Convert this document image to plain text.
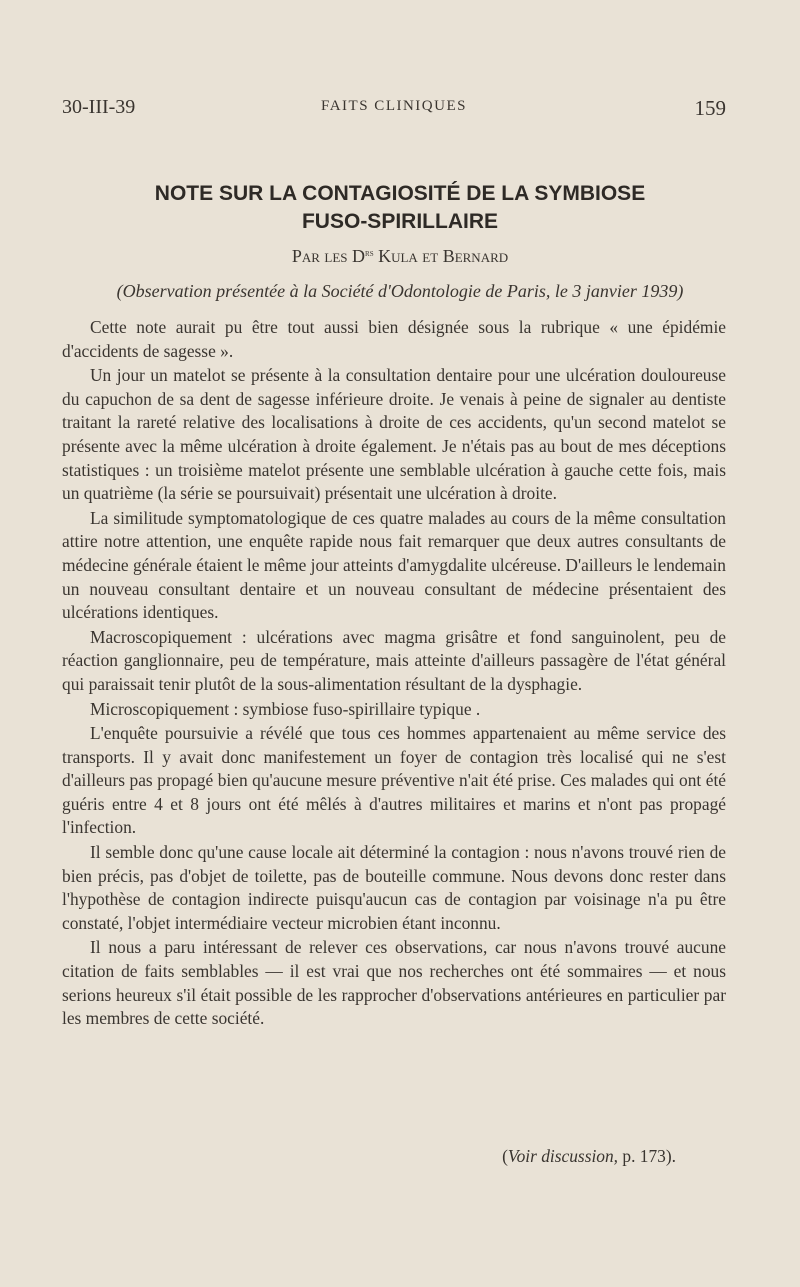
30-III-39	FAITS CLINIQUES	159
NOTE SUR LA CONTAGIOSITÉ DE LA SYMBIOSE
FUSO-SPIRILLAIRE
Par les $D^{rs}$ Kula et Bernard
(Observation présentée à la Société d'Odontologie de Paris, le 3 janvier 1939)

Cette note aurait pu être tout aussi bien désignée sous la rubrique « une épidémie d'accidents de sagesse ».

Un jour un matelot se présente à la consultation dentaire pour une ulcération douloureuse du capuchon de sa dent de sagesse inférieure droite. Je venais à peine de signaler au dentiste traitant la rareté relative des localisations à droite de ces accidents, qu'un second matelot se présente avec la même ulcération à droite également. Je n'étais pas au bout de mes déceptions statistiques : un troisième matelot présente une semblable ulcération à gauche cette fois, mais un quatrième (la série se poursuivait) présentait une ulcération à droite.

La similitude symptomatologique de ces quatre malades au cours de la même consultation attire notre attention, une enquête rapide nous fait remarquer que deux autres consultants de médecine générale étaient le même jour atteints d'amygdalite ulcéreuse. D'ailleurs le lendemain un nouveau consultant dentaire et un nouveau consultant de médecine présentaient des ulcérations identiques.

Macroscopiquement : ulcérations avec magma grisâtre et fond sanguinolent, peu de réaction ganglionnaire, peu de température, mais atteinte d'ailleurs passagère de l'état général qui paraissait tenir plutôt de la sous-alimentation résultant de la dysphagie.

Microscopiquement : symbiose fuso-spirillaire typique .

L'enquête poursuivie a révélé que tous ces hommes appartenaient au même service des transports. Il y avait donc manifestement un foyer de contagion très localisé qui ne s'est d'ailleurs pas propagé bien qu'aucune mesure préventive n'ait été prise. Ces malades qui ont été guéris entre 4 et 8 jours ont été mêlés à d'autres militaires et marins et n'ont pas propagé l'infection.

Il semble donc qu'une cause locale ait déterminé la contagion : nous n'avons trouvé rien de bien précis, pas d'objet de toilette, pas de bouteille commune. Nous devons donc rester dans l'hypothèse de contagion indirecte puisqu'aucun cas de contagion par voisinage n'a pu être constaté, l'objet intermédiaire vecteur microbien étant inconnu.

Il nous a paru intéressant de relever ces observations, car nous n'avons trouvé aucune citation de faits semblables — il est vrai que nos recherches ont été sommaires — et nous serions heureux s'il était possible de les rapprocher d'observations antérieures en particulier par les membres de cette société.

(Voir discussion, p. 173).
